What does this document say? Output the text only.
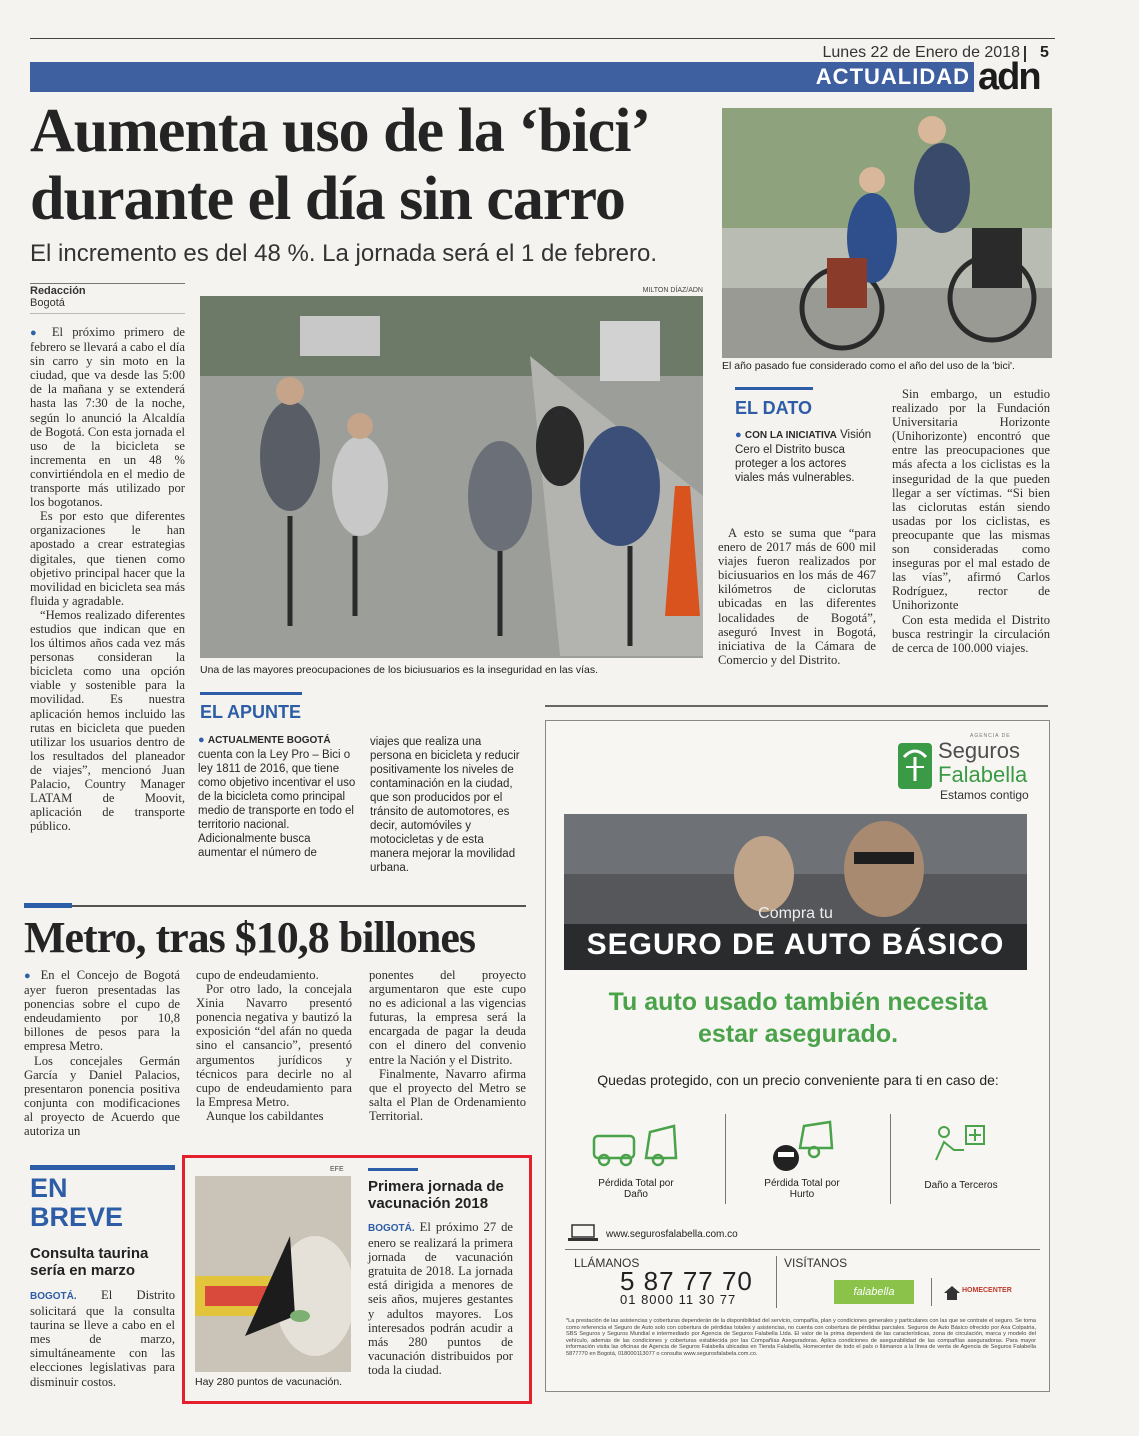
Lunes 22 de Enero de 2018 5
ACTUALIDAD adn
Aumenta uso de la ‘bici’
durante el día sin carro
El incremento es del 48 %. La jornada será el 1 de febrero.
El año pasado fue considerado como el año del uso de la 'bici'.
Redacción
Bogotá

● El próximo primero de febrero se llevará a cabo el día sin carro y sin moto en la ciudad, que va desde las 5:00 de la mañana y se extenderá hasta las 7:30 de la noche, según lo anunció la Alcaldía de Bogotá. Con esta jornada el uso de la bicicleta se incrementa en un 48 % convirtiéndola en el medio de transporte más utilizado por los bogotanos.

Es por esto que diferentes organizaciones le han apostado a crear estrategias digitales, que tienen como objetivo principal hacer que la movilidad en bicicleta sea más fluida y agradable.

“Hemos realizado diferentes estudios que indican que en los últimos años cada vez más personas consideran la bicicleta como una opción viable y sostenible para la movilidad. Es nuestra aplicación hemos incluido las rutas en bicicleta que pueden utilizar los usuarios dentro de los resultados del planeador de viajes”, mencionó Juan Palacio, Country Manager LATAM de Moovit, aplicación de transporte público.

MILTON DÍAZ/ADN
Una de las mayores preocupaciones de los biciusuarios es la inseguridad en las vías.
EL DATO
● CON LA INICIATIVA Visión Cero el Distrito busca proteger a los actores viales más vulnerables.

A esto se suma que “para enero de 2017 más de 600 mil viajes fueron realizados por biciusuarios en los más de 467 kilómetros de ciclorutas ubicadas en las diferentes localidades de Bogotá”, aseguró Invest in Bogotá, iniciativa de la Cámara de Comercio y del Distrito.

Sin embargo, un estudio realizado por la Fundación Universitaria Horizonte (Unihorizonte) encontró que entre las preocupaciones que más afecta a los ciclistas es la inseguridad de la que pueden llegar a ser víctimas. “Si bien las ciclorutas están siendo usadas por los ciclistas, es preocupante que las mismas son consideradas como inseguras por el mal estado de las vías”, afirmó Carlos Rodríguez, rector de Unihorizonte

Con esta medida el Distrito busca restringir la circulación de cerca de 100.000 viajes.

EL APUNTE
● ACTUALMENTE BOGOTÁ cuenta con la Ley Pro – Bici o ley 1811 de 2016, que tiene como objetivo incentivar el uso de la bicicleta como principal medio de transporte en todo el territorio nacional. Adicionalmente busca aumentar el número de
viajes que realiza una persona en bicicleta y reducir positivamente los niveles de contaminación en la ciudad, que son producidos por el tránsito de automotores, es decir, automóviles y motocicletas y de esta manera mejorar la movilidad urbana.
Metro, tras $10,8 billones

● En el Concejo de Bogotá ayer fueron presentadas las ponencias sobre el cupo de endeudamiento por 10,8 billones de pesos para la empresa Metro.

Los concejales Germán García y Daniel Palacios, presentaron ponencia positiva conjunta con modificaciones al proyecto de Acuerdo que autoriza un

cupo de endeudamiento.

Por otro lado, la concejala Xinia Navarro presentó ponencia negativa y bautizó la exposición “del afán no queda sino el cansancio”, presentó argumentos jurídicos y técnicos para decirle no al cupo de endeudamiento para la Empresa Metro.

Aunque los cabildantes

ponentes del proyecto argumentaron que este cupo no es adicional a las vigencias futuras, la empresa será la encargada de pagar la deuda con el dinero del convenio entre la Nación y el Distrito.

Finalmente, Navarro afirma que el proyecto del Metro se salta el Plan de Ordenamiento Territorial.

EN
BREVE
Consulta taurina sería en marzo
BOGOTÁ. El Distrito solicitará que la consulta taurina se lleve a cabo en el mes de marzo, simultáneamente con las elecciones legislativas para disminuir costos.
EFE
Hay 280 puntos de vacunación.
Primera jornada de vacunación 2018
BOGOTÁ. El próximo 27 de enero se realizará la primera jornada de vacunación gratuita de 2018. La jornada está dirigida a menores de seis años, mujeres gestantes y adultos mayores. Los interesados podrán acudir a más 280 puntos de vacunación distribuidos por toda la ciudad.
AGENCIA DE
Seguros
Falabella
Estamos contigo
Compra tu
SEGURO DE AUTO BÁSICO
Tu auto usado también necesita
estar asegurado.
Quedas protegido, con un precio conveniente para ti en caso de:
Pérdida Total por Daño
Pérdida Total por Hurto
Daño a Terceros
www.segurosfalabella.com.co
LLÁMANOS
5 87 77 70
01 8000 11 30 77
VISÍTANOS
falabella	HOMECENTER
*La prestación de las asistencias y coberturas dependerán de la disponibilidad del servicio, compañía, plan y condiciones generales y particulares con las que se contrate el seguro. Se toma como referencia el Seguro de Auto solo con cobertura de pérdidas totales y asistencias, no cuenta con cobertura de pérdidas parciales. Seguros de Auto Básico ofrecido por Axa Colpatria, SBS Seguros y Seguros Mundial e intermediado por Agencia de Seguros Falabella Ltda. El valor de la prima dependerá de las características, zona de circulación, marca y modelo del vehículo, además de las condiciones y coberturas establecida por las Compañías Aseguradoras. Aplica condiciones de asegurabilidad de las compañías aseguradoras. Para mayor información visita las oficinas de Agencia de Seguros Falabella ubicadas en Tienda Falabella, Homecenter de todo el país o llámanos a la línea de venta de Agencia de Seguros Falabella 5877770 en Bogotá, 018000113077 o consulta www.segurosfalabela.com.co.
